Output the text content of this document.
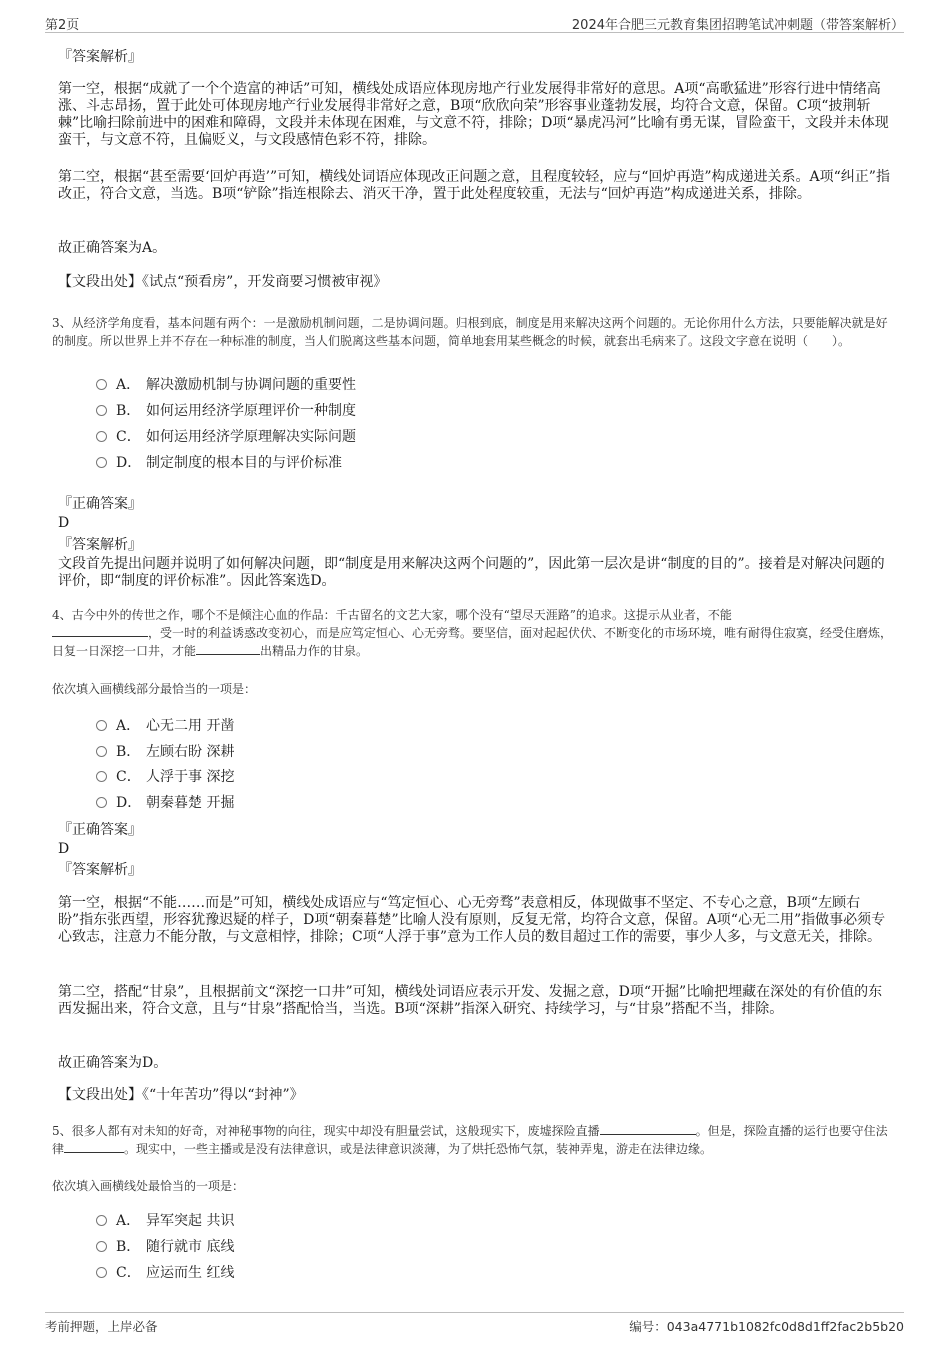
第2页	2024年合肥三元教育集团招聘笔试冲刺题（带答案解析）
『答案解析』
第一空，根据“成就了一个个造富的神话”可知，横线处成语应体现房地产行业发展得非常好的意思。A项“高歌猛进”形容行进中情绪高涨、斗志昂扬，置于此处可体现房地产行业发展得非常好之意，B项“欣欣向荣”形容事业蓬勃发展，均符合文意，保留。C项“披荆斩棘”比喻扫除前进中的困难和障碍，文段并未体现在困难，与文意不符，排除；D项“暴虎冯河”比喻有勇无谋，冒险蛮干，文段并未体现蛮干，与文意不符，且偏贬义，与文段感情色彩不符，排除。
第二空，根据“甚至需要‘回炉再造’”可知，横线处词语应体现改正问题之意，且程度较轻，应与“回炉再造”构成递进关系。A项“纠正”指改正，符合文意，当选。B项“铲除”指连根除去、消灭干净，置于此处程度较重，无法与“回炉再造”构成递进关系，排除。
故正确答案为A。
【文段出处】《试点“预看房”，开发商要习惯被审视》
3、从经济学角度看，基本问题有两个：一是激励机制问题，二是协调问题。归根到底，制度是用来解决这两个问题的。无论你用什么方法，只要能解决就是好的制度。所以世界上并不存在一种标准的制度，当人们脱离这些基本问题，简单地套用某些概念的时候，就套出毛病来了。这段文字意在说明（　　）。
A． 解决激励机制与协调问题的重要性
B． 如何运用经济学原理评价一种制度
C． 如何运用经济学原理解决实际问题
D． 制定制度的根本目的与评价标准
『正确答案』
D
『答案解析』
文段首先提出问题并说明了如何解决问题，即“制度是用来解决这两个问题的”，因此第一层次是讲“制度的目的”。接着是对解决问题的评价，即“制度的评价标准”。因此答案选D。
4、古今中外的传世之作，哪个不是倾注心血的作品：千古留名的文艺大家，哪个没有“望尽天涯路”的追求。这提示从业者，不能
，受一时的利益诱惑改变初心，而是应笃定恒心、心无旁骛。要坚信，面对起起伏伏、不断变化的市场环境，唯有耐得住寂寞，经受住磨炼，日复一日深挖一口井，才能	出精品力作的甘泉。
依次填入画横线部分最恰当的一项是：
A． 心无二用 开凿
B． 左顾右盼 深耕
C． 人浮于事 深挖
D． 朝秦暮楚 开掘
『正确答案』
D
『答案解析』
第一空，根据“不能……而是”可知，横线处成语应与“笃定恒心、心无旁骛”表意相反，体现做事不坚定、不专心之意，B项“左顾右盼”指东张西望，形容犹豫迟疑的样子，D项“朝秦暮楚”比喻人没有原则，反复无常，均符合文意，保留。A项“心无二用”指做事必须专心致志，注意力不能分散，与文意相悖，排除；C项“人浮于事”意为工作人员的数目超过工作的需要，事少人多，与文意无关，排除。
第二空，搭配“甘泉”，且根据前文“深挖一口井”可知，横线处词语应表示开发、发掘之意，D项“开掘”比喻把埋藏在深处的有价值的东西发掘出来，符合文意，且与“甘泉”搭配恰当，当选。B项“深耕”指深入研究、持续学习，与“甘泉”搭配不当，排除。
故正确答案为D。
【文段出处】《“十年苦功”得以“封神”》
5、很多人都有对未知的好奇，对神秘事物的向往，现实中却没有胆量尝试，这般现实下，废墟探险直播	。但是，探险直播的运行也要守住法律	。现实中，一些主播或是没有法律意识，或是法律意识淡薄，为了烘托恐怖气氛，装神弄鬼，游走在法律边缘。
依次填入画横线处最恰当的一项是：
A． 异军突起 共识
B． 随行就市 底线
C． 应运而生 红线
考前押题，上岸必备	编号：043a4771b1082fc0d8d1ff2fac2b5b20
